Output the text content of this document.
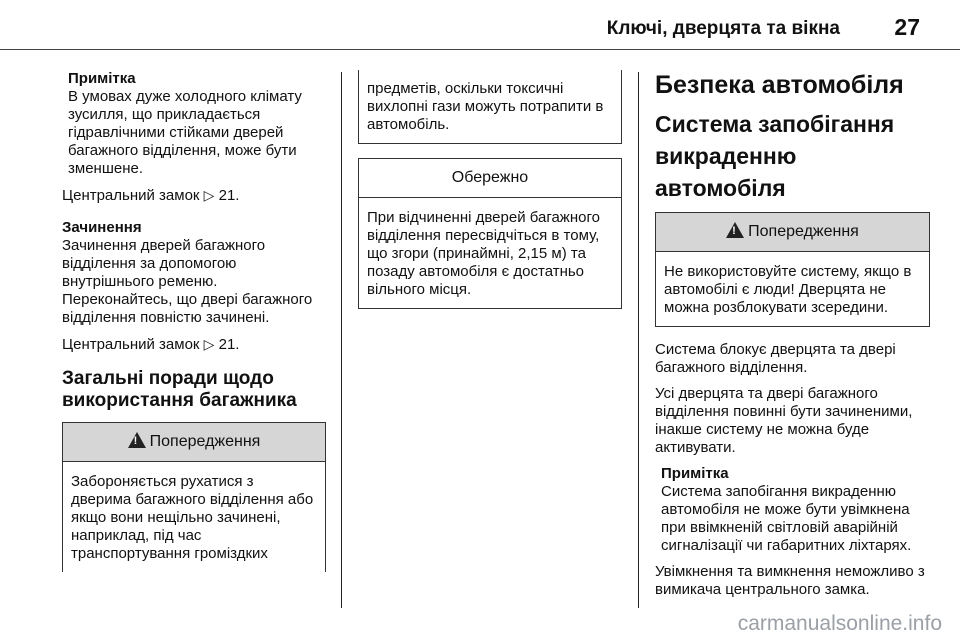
Ключі, дверцята та вікна 27
Примітка
В умовах дуже холодного клімату зусилля, що прикладається гідравлічними стійками дверей багажного відділення, може бути зменшене.

Центральний замок ▷ 21.

Зачинення

Зачинення дверей багажного відділення за допомогою внутрішнього ременю.

Переконайтесь, що двері багажного відділення повністю зачинені.

Центральний замок ▷ 21.

Загальні поради щодо використання багажника
!Попередження
Забороняється рухатися з дверима багажного відділення або якщо вони нещільно зачинені, наприклад, під час транспортування громіздких
предметів, оскільки токсичні вихлопні гази можуть потрапити в автомобіль.
Обережно
При відчиненні дверей багажного відділення пересвідчіться в тому, що згори (принаймні, 2,15 м) та позаду автомобіля є достатньо вільного місця.
Безпека автомобіля
Система запобігання викраденню автомобіля
!Попередження
Не використовуйте систему, якщо в автомобілі є люди! Дверцята не можна розблокувати зсередини.

Система блокує дверцята та двері багажного відділення.

Усі дверцята та двері багажного відділення повинні бути зачиненими, інакше систему не можна буде активувати.

Примітка
Система запобігання викраденню автомобіля не може бути увімкнена при ввімкненій світловій аварійній сигналізації чи габаритних ліхтарях.

Увімкнення та вимкнення неможливо з вимикача центрального замка.

carmanualsonline.info
